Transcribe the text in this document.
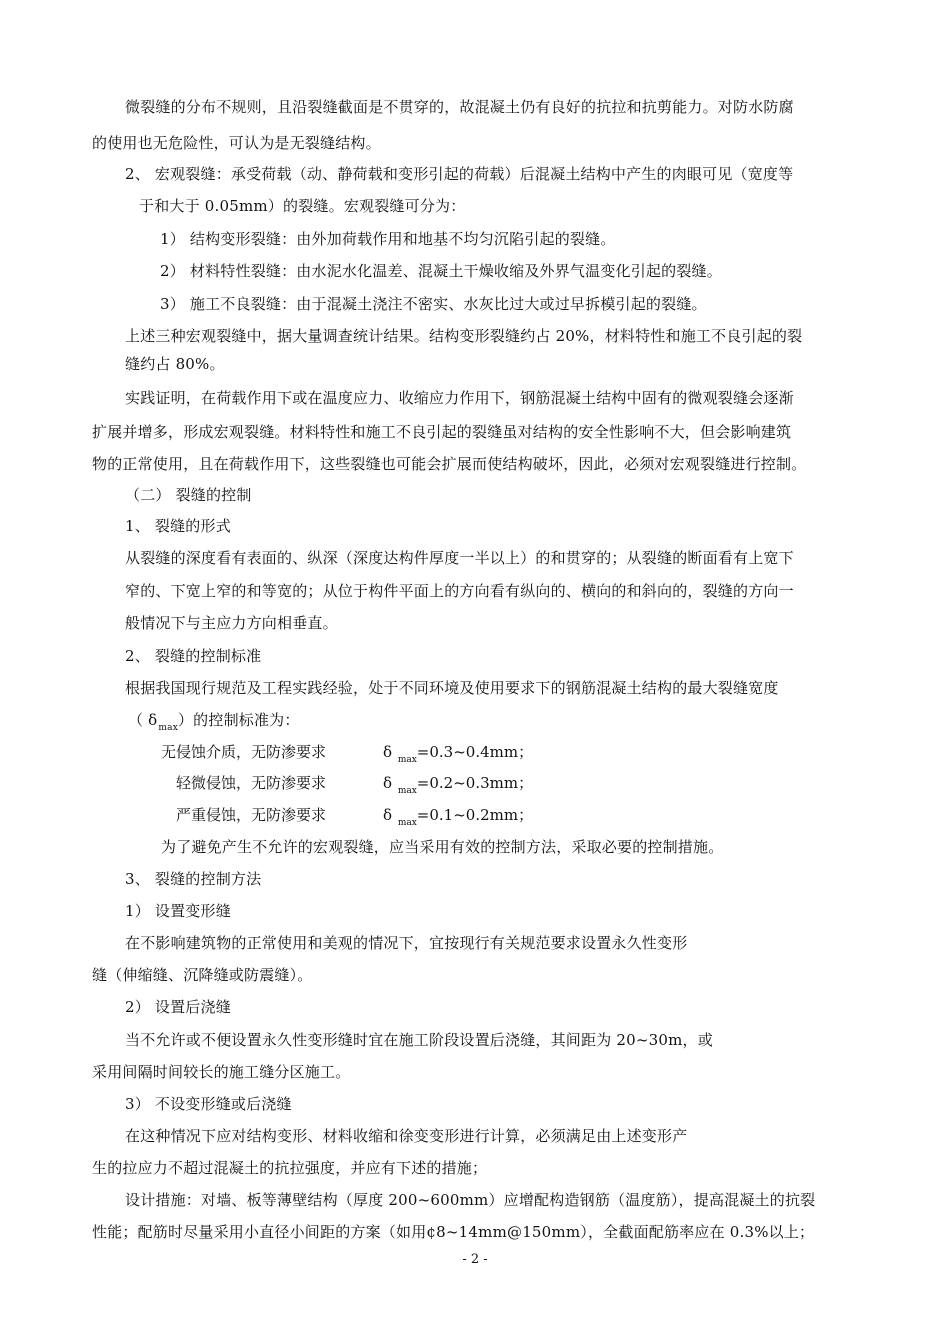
微裂缝的分布不规则，且沿裂缝截面是不贯穿的，故混凝土仍有良好的抗拉和抗剪能力。对防水防腐
的使用也无危险性，可认为是无裂缝结构。
2、 宏观裂缝：承受荷载（动、静荷载和变形引起的荷载）后混凝土结构中产生的肉眼可见（宽度等
于和大于 0.05mm）的裂缝。宏观裂缝可分为：
1） 结构变形裂缝：由外加荷载作用和地基不均匀沉陷引起的裂缝。
2） 材料特性裂缝：由水泥水化温差、混凝土干燥收缩及外界气温变化引起的裂缝。
3） 施工不良裂缝：由于混凝土浇注不密实、水灰比过大或过早拆模引起的裂缝。
上述三种宏观裂缝中，据大量调查统计结果。结构变形裂缝约占 20%，材料特性和施工不良引起的裂
缝约占 80%。
实践证明，在荷载作用下或在温度应力、收缩应力作用下，钢筋混凝土结构中固有的微观裂缝会逐渐
扩展并增多，形成宏观裂缝。材料特性和施工不良引起的裂缝虽对结构的安全性影响不大，但会影响建筑
物的正常使用，且在荷载作用下，这些裂缝也可能会扩展而使结构破坏，因此，必须对宏观裂缝进行控制。
（二） 裂缝的控制
1、 裂缝的形式
从裂缝的深度看有表面的、纵深（深度达构件厚度一半以上）的和贯穿的；从裂缝的断面看有上宽下
窄的、下宽上窄的和等宽的；从位于构件平面上的方向看有纵向的、横向的和斜向的，裂缝的方向一
般情况下与主应力方向相垂直。
2、 裂缝的控制标准
根据我国现行规范及工程实践经验，处于不同环境及使用要求下的钢筋混凝土结构的最大裂缝宽度
（ $\delta_{max}$）的控制标准为：
无侵蚀介质，无防渗要求	δ $_{max}$=0.3~0.4mm；
轻微侵蚀，无防渗要求	δ $_{max}$=0.2~0.3mm；
严重侵蚀，无防渗要求	δ $_{max}$=0.1~0.2mm；
为了避免产生不允许的宏观裂缝，应当采用有效的控制方法，采取必要的控制措施。
3、 裂缝的控制方法
1） 设置变形缝
在不影响建筑物的正常使用和美观的情况下，宜按现行有关规范要求设置永久性变形
缝（伸缩缝、沉降缝或防震缝）。
2） 设置后浇缝
当不允许或不便设置永久性变形缝时宜在施工阶段设置后浇缝，其间距为 20~30m，或
采用间隔时间较长的施工缝分区施工。
3） 不设变形缝或后浇缝
在这种情况下应对结构变形、材料收缩和徐变变形进行计算，必须满足由上述变形产
生的拉应力不超过混凝土的抗拉强度，并应有下述的措施；
设计措施：对墙、板等薄壁结构（厚度 200~600mm）应增配构造钢筋（温度筋），提高混凝土的抗裂
性能；配筋时尽量采用小直径小间距的方案（如用¢8~14mm@150mm），全截面配筋率应在 0.3%以上；
- 2 -
